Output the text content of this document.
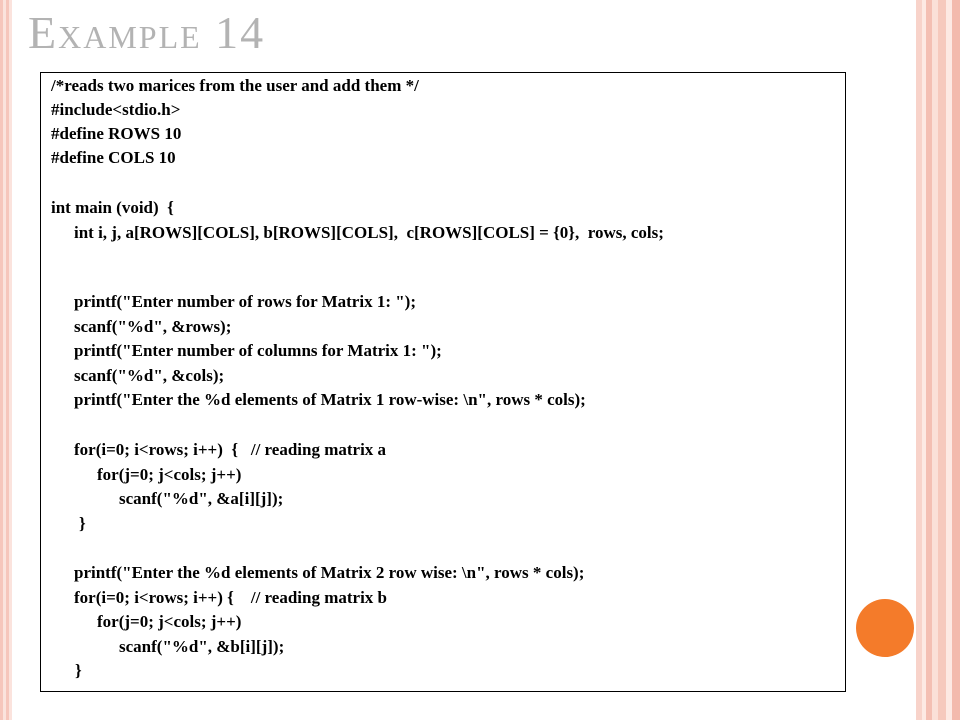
Example 14

/*reads two marices from the user and add them */

#include<stdio.h>

#define ROWS 10

#define COLS 10

int main (void)  {

int i, j, a[ROWS][COLS], b[ROWS][COLS],  c[ROWS][COLS] = {0},  rows, cols;

printf("Enter number of rows for Matrix 1: ");

scanf("%d", &rows);

printf("Enter number of columns for Matrix 1: ");

scanf("%d", &cols);

printf("Enter the %d elements of Matrix 1 row-wise: \n", rows * cols);

for(i=0; i<rows; i++)  {   // reading matrix a

for(j=0; j<cols; j++)

scanf("%d", &a[i][j]);

}

printf("Enter the %d elements of Matrix 2 row wise: \n", rows * cols);

for(i=0; i<rows; i++) {    // reading matrix b

for(j=0; j<cols; j++)

scanf("%d", &b[i][j]);

}
